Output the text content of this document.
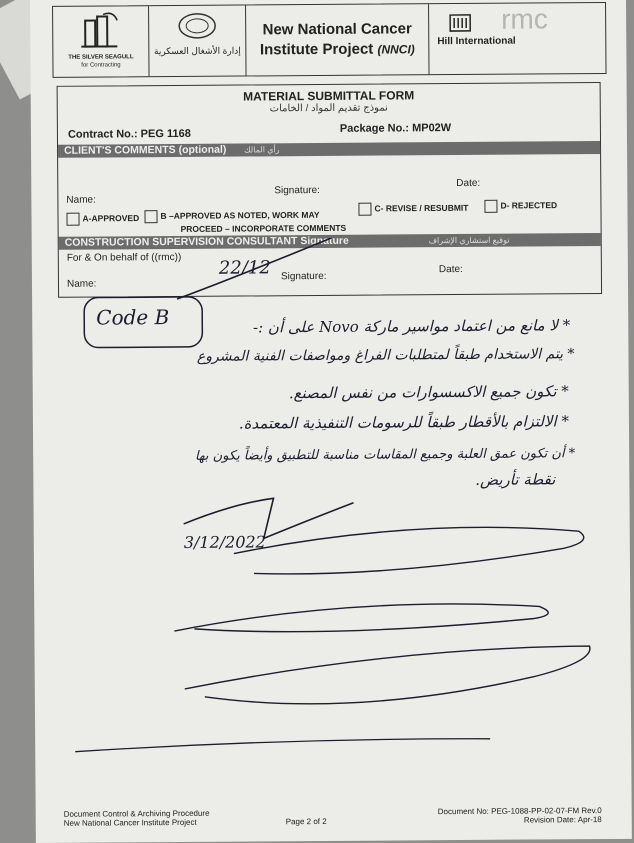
THE SILVER SEAGULL
for Contracting
إدارة الأشغال العسكرية
New National Cancer
Institute Project (NNCI)
Hill International
rmc
MATERIAL SUBMITTAL FORM
نموذج تقديم المواد / الخامات
Contract No.: PEG 1168	Package No.: MP02W
CLIENT'S COMMENTS (optional) رأي المالك
Name:
Signature:
Date:
A-APPROVED	B –APPROVED AS NOTED, WORK MAY
PROCEED – INCORPORATE COMMENTS
C- REVISE / RESUBMIT	D- REJECTED
CONSTRUCTION SUPERVISION CONSULTANT Signature	توقيع استشاري الإشراف
For & On behalf of ((rmc))
Name:
Signature:
Date:
22/12
Code B	* لا مانع من اعتماد مواسير ماركة Novo على أن :-
* يتم الاستخدام طبقاً لمتطلبات الفراغ ومواصفات الفنية المشروع
* تكون جميع الاكسسوارات من نفس المصنع.
* الالتزام بالأقطار طبقاً للرسومات التنفيذية المعتمدة.
* أن تكون عمق العلبة وجميع المقاسات مناسبة للتطبيق وأيضاً يكون بها
نقطة تأريض.
3/12/2022
Document Control & Archiving Procedure
New National Cancer Institute Project	Page 2 of 2
Document No: PEG-1088-PP-02-07-FM Rev.0
Revision Date: Apr-18
